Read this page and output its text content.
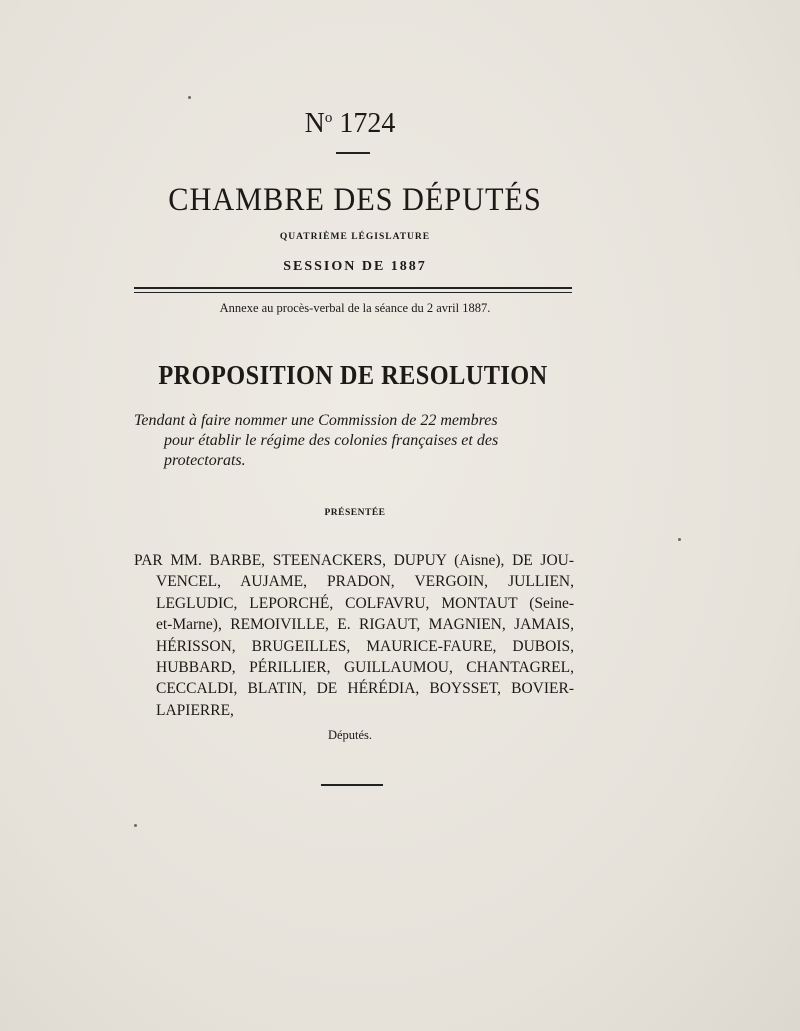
$N^o$ 1724
CHAMBRE DES DÉPUTÉS
QUATRIÈME LÉGISLATURE
SESSION DE 1887
Annexe au procès-verbal de la séance du 2 avril 1887.
PROPOSITION DE RESOLUTION
Tendant à faire nommer une Commission de 22 membres
pour établir le régime des colonies françaises et des
protectorats.
PRÉSENTÉE
PAR MM. BARBE, STEENACKERS, DUPUY (Aisne), DE JOU-
VENCEL, AUJAME, PRADON, VERGOIN, JULLIEN,
LEGLUDIC, LEPORCHÉ, COLFAVRU, MONTAUT (Seine-
et-Marne), REMOIVILLE, E. RIGAUT, MAGNIEN, JAMAIS,
HÉRISSON, BRUGEILLES, MAURICE-FAURE, DUBOIS,
HUBBARD, PÉRILLIER, GUILLAUMOU, CHANTAGREL,
CECCALDI, BLATIN, DE HÉRÉDIA, BOYSSET, BOVIER-
LAPIERRE,
Députés.
